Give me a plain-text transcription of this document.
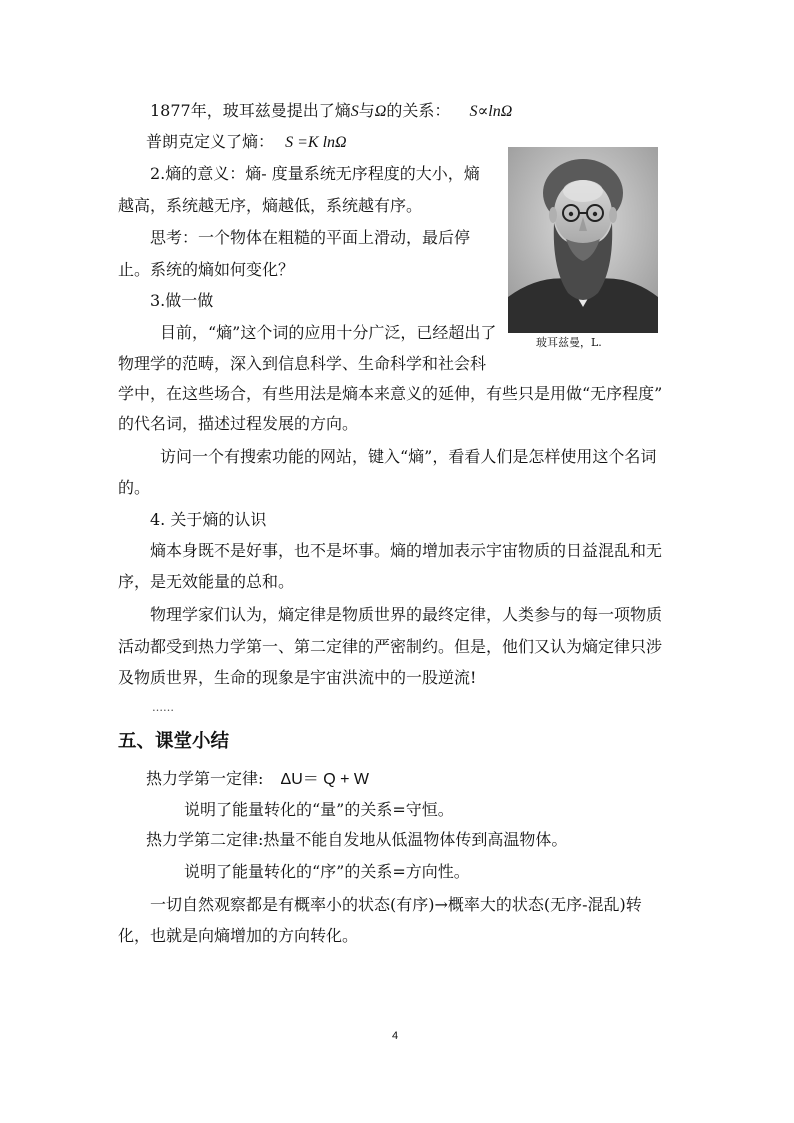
1877年，玻耳兹曼提出了熵S与Ω的关系： S∝lnΩ
普朗克定义了熵： S =K lnΩ
2.熵的意义：熵- 度量系统无序程度的大小，熵
越高，系统越无序，熵越低，系统越有序。
思考：一个物体在粗糙的平面上滑动，最后停
止。系统的熵如何变化？
3.做一做
目前，“熵”这个词的应用十分广泛，已经超出了
物理学的范畴，深入到信息科学、生命科学和社会科
学中，在这些场合，有些用法是熵本来意义的延伸，有些只是用做“无序程度”
的代名词，描述过程发展的方向。
访问一个有搜索功能的网站，键入“熵”，看看人们是怎样使用这个名词
的。
4. 关于熵的认识
熵本身既不是好事，也不是坏事。熵的增加表示宇宙物质的日益混乱和无
序，是无效能量的总和。
物理学家们认为，熵定律是物质世界的最终定律，人类参与的每一项物质
活动都受到热力学第一、第二定律的严密制约。但是，他们又认为熵定律只涉
及物质世界，生命的现象是宇宙洪流中的一股逆流!
……
五、课堂小结
热力学第一定律: ΔU＝ Q + W
说明了能量转化的“量”的关系=守恒。
热力学第二定律:热量不能自发地从低温物体传到高温物体。
说明了能量转化的“序”的关系=方向性。
一切自然观察都是有概率小的状态(有序)→概率大的状态(无序-混乱)转
化，也就是向熵增加的方向转化。
玻耳兹曼，L.
4
